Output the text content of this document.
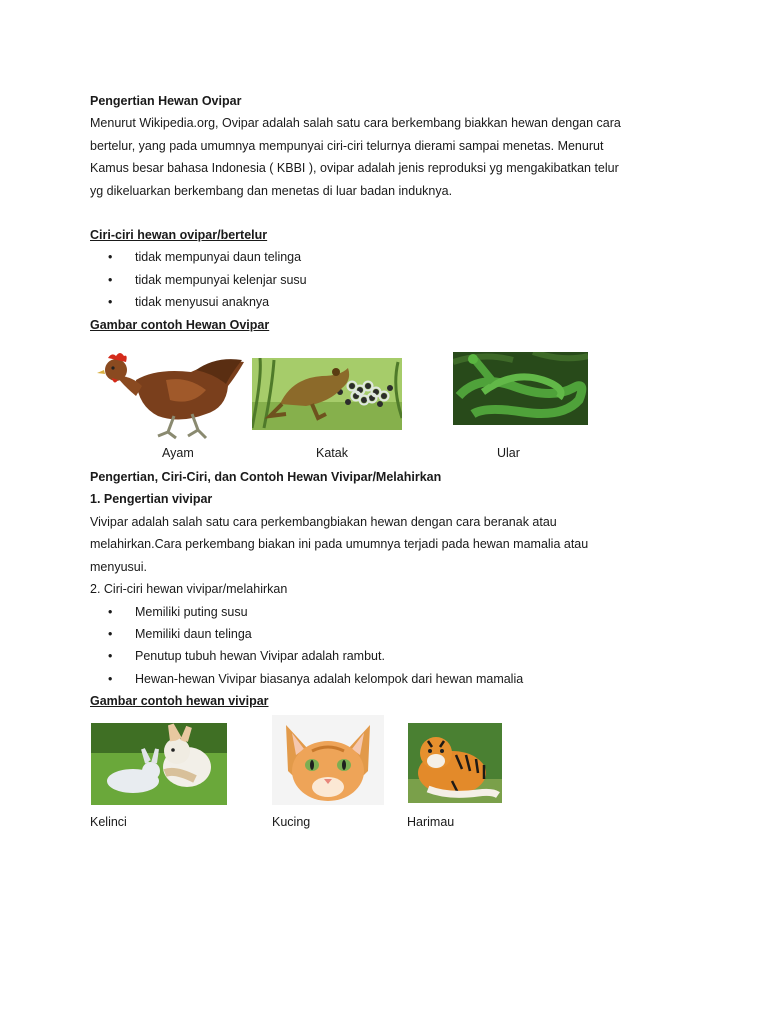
Pengertian Hewan Ovipar

Menurut Wikipedia.org, Ovipar adalah salah satu cara berkembang biakkan hewan dengan cara

bertelur, yang pada umumnya mempunyai ciri-ciri telurnya dierami sampai menetas. Menurut

Kamus besar bahasa Indonesia ( KBBI ), ovipar adalah jenis reproduksi yg mengakibatkan telur

yg dikeluarkan berkembang dan menetas di luar badan induknya.

Ciri-ciri hewan ovipar/bertelur

• tidak mempunyai daun telinga
• tidak mempunyai kelenjar susu
• tidak menyusui anaknya

Gambar contoh Hewan Ovipar

Ayam	Katak	Ular

Pengertian, Ciri-Ciri, dan Contoh Hewan Vivipar/Melahirkan

1. Pengertian vivipar

Vivipar adalah salah satu cara perkembangbiakan hewan dengan cara beranak atau

melahirkan.Cara perkembang biakan ini pada umumnya terjadi pada hewan mamalia atau

menyusui.

2. Ciri-ciri hewan vivipar/melahirkan

• Memiliki puting susu
• Memiliki daun telinga
• Penutup tubuh hewan Vivipar adalah rambut.
• Hewan-hewan Vivipar biasanya adalah kelompok dari hewan mamalia

Gambar contoh hewan vivipar

Kelinci	Kucing	Harimau
